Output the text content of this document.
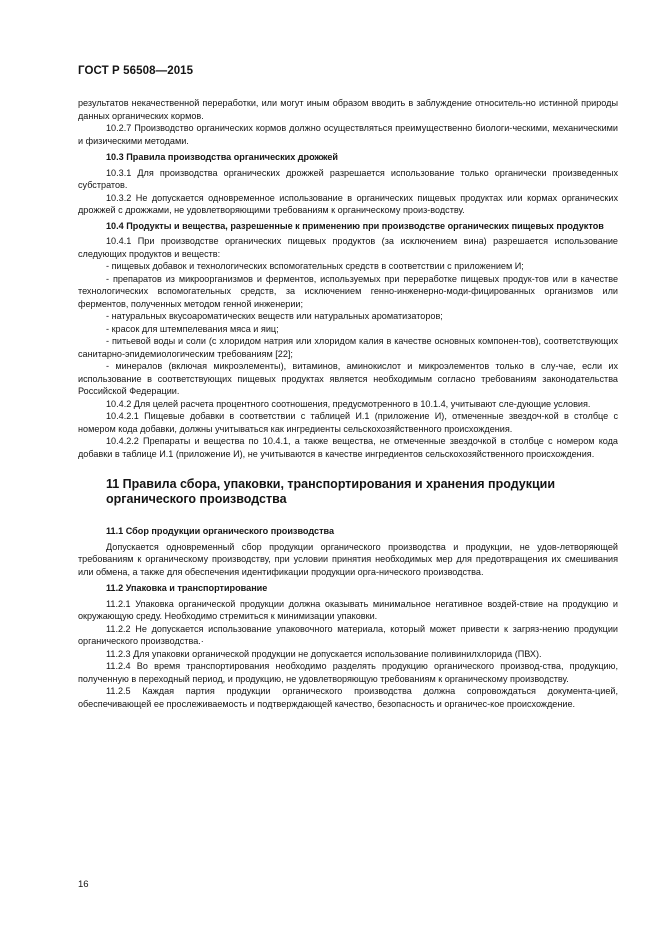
ГОСТ Р 56508—2015

результатов некачественной переработки, или могут иным образом вводить в заблуждение относитель-но истинной природы данных органических кормов.

10.2.7 Производство органических кормов должно осуществляться преимущественно биологи-ческими, механическими и физическими методами.

10.3 Правила производства органических дрожжей

10.3.1 Для производства органических дрожжей разрешается использование только органически произведенных субстратов.

10.3.2 Не допускается одновременное использование в органических пищевых продуктах или кормах органических дрожжей с дрожжами, не удовлетворяющими требованиям к органическому произ-водству.

10.4 Продукты и вещества, разрешенные к применению при производстве органических пищевых продуктов

10.4.1 При производстве органических пищевых продуктов (за исключением вина) разрешается использование следующих продуктов и веществ:

- пищевых добавок и технологических вспомогательных средств в соответствии с приложением И;

- препаратов из микроорганизмов и ферментов, используемых при переработке пищевых продук-тов или в качестве технологических вспомогательных средств, за исключением генно-инженерно-моди-фицированных организмов или ферментов, полученных методом генной инженерии;

- натуральных вкусоароматических веществ или натуральных ароматизаторов;

- красок для штемпелевания мяса и яиц;

- питьевой воды и соли (с хлоридом натрия или хлоридом калия в качестве основных компонен-тов), соответствующих санитарно-эпидемиологическим требованиям [22];

- минералов (включая микроэлементы), витаминов, аминокислот и микроэлементов только в слу-чае, если их использование в соответствующих пищевых продуктах является необходимым согласно требованиям законодательства Российской Федерации.

10.4.2 Для целей расчета процентного соотношения, предусмотренного в 10.1.4, учитывают сле-дующие условия.

10.4.2.1 Пищевые добавки в соответствии с таблицей И.1 (приложение И), отмеченные звездоч-кой в столбце с номером кода добавки, должны учитываться как ингредиенты сельскохозяйственного происхождения.

10.4.2.2 Препараты и вещества по 10.4.1, а также вещества, не отмеченные звездочкой в столбце с номером кода добавки в таблице И.1 (приложение И), не учитываются в качестве ингредиентов сельскохозяйственного происхождения.

11 Правила сбора, упаковки, транспортирования и хранения продукции органического производства

11.1 Сбор продукции органического производства

Допускается одновременный сбор продукции органического производства и продукции, не удов-летворяющей требованиям к органическому производству, при условии принятия необходимых мер для предотвращения их смешивания или обмена, а также для обеспечения идентификации продукции орга-нического производства.

11.2 Упаковка и транспортирование

11.2.1 Упаковка органической продукции должна оказывать минимальное негативное воздей-ствие на продукцию и окружающую среду. Необходимо стремиться к минимизации упаковки.

11.2.2 Не допускается использование упаковочного материала, который может привести к загряз-нению продукции органического производства.·

11.2.3 Для упаковки органической продукции не допускается использование поливинилхлорида (ПВХ).

11.2.4 Во время транспортирования необходимо разделять продукцию органического производ-ства, продукцию, полученную в переходный период, и продукцию, не удовлетворяющую требованиям к органическому производству.

11.2.5 Каждая партия продукции органического производства должна сопровождаться документа-цией, обеспечивающей ее прослеживаемость и подтверждающей качество, безопасность и органичес-кое происхождение.

16
